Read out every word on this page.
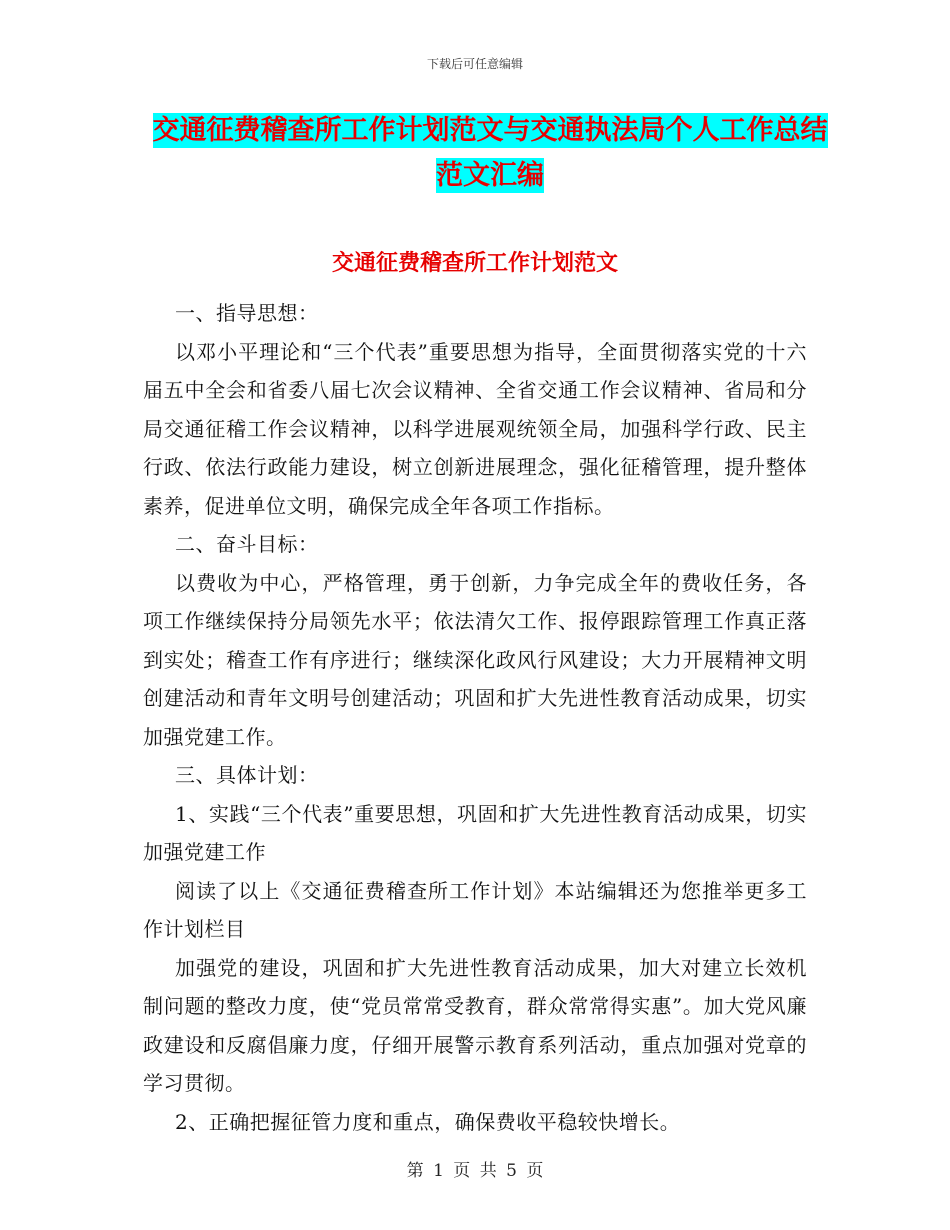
下载后可任意编辑
交通征费稽查所工作计划范文与交通执法局个人工作总结范文汇编
交通征费稽查所工作计划范文

一、指导思想：

以邓小平理论和“三个代表”重要思想为指导，全面贯彻落实党的十六届五中全会和省委八届七次会议精神、全省交通工作会议精神、省局和分局交通征稽工作会议精神，以科学进展观统领全局，加强科学行政、民主行政、依法行政能力建设，树立创新进展理念，强化征稽管理，提升整体素养，促进单位文明，确保完成全年各项工作指标。

二、奋斗目标：

以费收为中心，严格管理，勇于创新，力争完成全年的费收任务，各项工作继续保持分局领先水平；依法清欠工作、报停跟踪管理工作真正落到实处；稽查工作有序进行；继续深化政风行风建设；大力开展精神文明创建活动和青年文明号创建活动；巩固和扩大先进性教育活动成果，切实加强党建工作。

三、具体计划：

1、实践“三个代表”重要思想，巩固和扩大先进性教育活动成果，切实加强党建工作

阅读了以上《交通征费稽查所工作计划》本站编辑还为您推举更多工作计划栏目

加强党的建设，巩固和扩大先进性教育活动成果，加大对建立长效机制问题的整改力度，使“党员常常受教育，群众常常得实惠”。加大党风廉政建设和反腐倡廉力度，仔细开展警示教育系列活动，重点加强对党章的学习贯彻。

2、正确把握征管力度和重点，确保费收平稳较快增长。

第 1 页 共 5 页
